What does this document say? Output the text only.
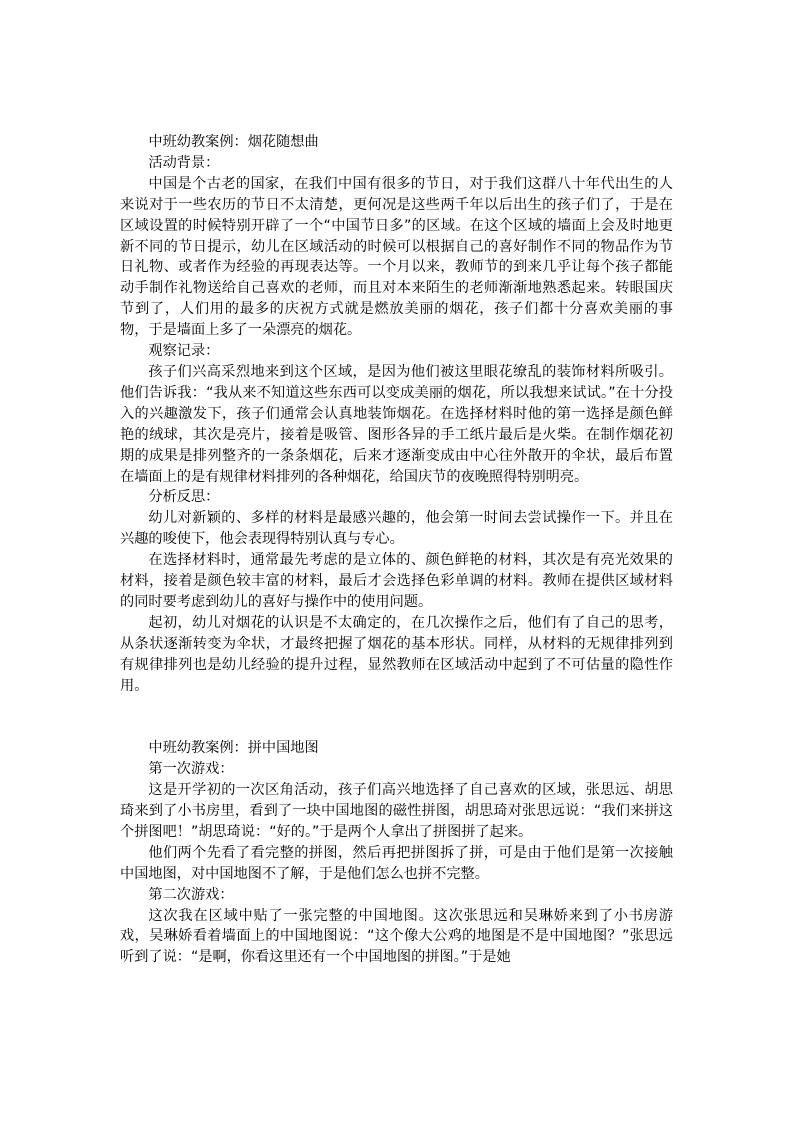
中班幼教案例：烟花随想曲

活动背景：

中国是个古老的国家，在我们中国有很多的节日，对于我们这群八十年代出生的人来说对于一些农历的节日不太清楚，更何况是这些两千年以后出生的孩子们了，于是在区域设置的时候特别开辟了一个“中国节日多”的区域。在这个区域的墙面上会及时地更新不同的节日提示，幼儿在区域活动的时候可以根据自己的喜好制作不同的物品作为节日礼物、或者作为经验的再现表达等。一个月以来，教师节的到来几乎让每个孩子都能动手制作礼物送给自己喜欢的老师，而且对本来陌生的老师渐渐地熟悉起来。转眼国庆节到了，人们用的最多的庆祝方式就是燃放美丽的烟花，孩子们都十分喜欢美丽的事物，于是墙面上多了一朵漂亮的烟花。

观察记录：

孩子们兴高采烈地来到这个区域，是因为他们被这里眼花缭乱的装饰材料所吸引。他们告诉我：“我从来不知道这些东西可以变成美丽的烟花，所以我想来试试。”在十分投入的兴趣激发下，孩子们通常会认真地装饰烟花。在选择材料时他的第一选择是颜色鲜艳的绒球，其次是亮片，接着是吸管、图形各异的手工纸片最后是火柴。在制作烟花初期的成果是排列整齐的一条条烟花，后来才逐渐变成由中心往外散开的伞状，最后布置在墙面上的是有规律材料排列的各种烟花，给国庆节的夜晚照得特别明亮。

分析反思：

幼儿对新颖的、多样的材料是最感兴趣的，他会第一时间去尝试操作一下。并且在兴趣的唆使下，他会表现得特别认真与专心。

在选择材料时，通常最先考虑的是立体的、颜色鲜艳的材料，其次是有亮光效果的材料，接着是颜色较丰富的材料，最后才会选择色彩单调的材料。教师在提供区域材料的同时要考虑到幼儿的喜好与操作中的使用问题。

起初，幼儿对烟花的认识是不太确定的，在几次操作之后，他们有了自己的思考，从条状逐渐转变为伞状，才最终把握了烟花的基本形状。同样，从材料的无规律排列到有规律排列也是幼儿经验的提升过程，显然教师在区域活动中起到了不可估量的隐性作用。

中班幼教案例：拼中国地图

第一次游戏：

这是开学初的一次区角活动，孩子们高兴地选择了自己喜欢的区域，张思远、胡思琦来到了小书房里，看到了一块中国地图的磁性拼图，胡思琦对张思远说：“我们来拼这个拼图吧！”胡思琦说：“好的。”于是两个人拿出了拼图拼了起来。

他们两个先看了看完整的拼图，然后再把拼图拆了拼，可是由于他们是第一次接触中国地图，对中国地图不了解，于是他们怎么也拼不完整。

第二次游戏：

这次我在区域中贴了一张完整的中国地图。这次张思远和吴琳娇来到了小书房游戏，吴琳娇看着墙面上的中国地图说：“这个像大公鸡的地图是不是中国地图？”张思远听到了说：“是啊，你看这里还有一个中国地图的拼图。”于是她
